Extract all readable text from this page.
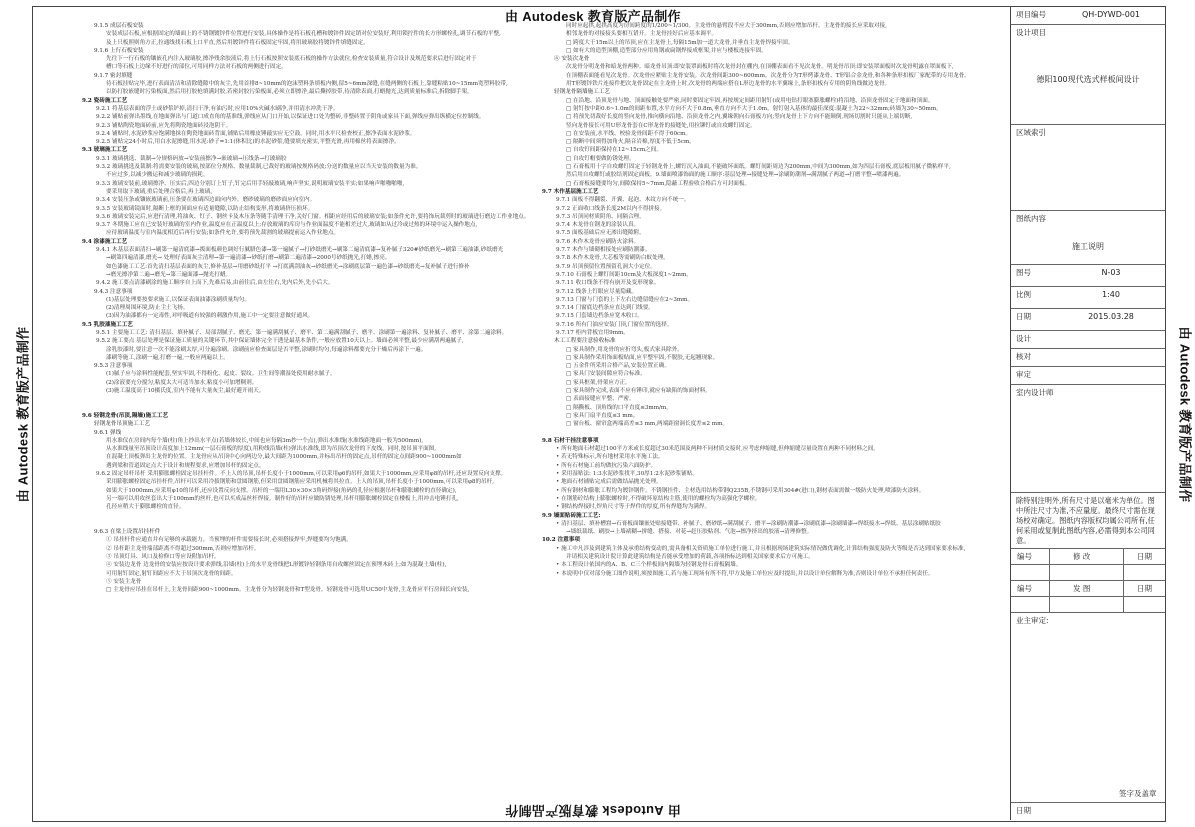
由 Autodesk 教育版产品制作
由 Autodesk 教育版产品制作
由 Autodesk 教育版产品制作	由 Autodesk 教育版产品制作
9.1.5 成层石板安装
安装成层石板,应根据固定的墙面上的不锈钢镀锌件位置进行安装,具体操作是将石板孔槽和镀锌件固定销对位安装好,利用锁拧件的长方形螺栓孔,调节石板的平整,
及上只板照则角方正,拉通线找石板上口平直,然后用镀锌件将石板固定牢固,将用玻璃胶将镀锌件填缝固定。
9.1.6 上行石板安装
先往下一行石板的镶嵌孔内注入玻璃胶,擦净残余胶液后,将上行石板按照安装底石板的操作方法就位,检查安装质量,符合设计及规范要求后进行固定对于
槽口等石板上边缘不好进行的部位,可用同样方法对石板的两侧进行固定。
9.1.7 密封填缝
待石板挂贴完毕,进行表面清洁和清除缝隙中的灰尘,先用首排8~10mm的泡沫塑料条填板内侧,留5~6mm深缝,在缝两侧的石板上,靠缝粘贴10~15mm宽塑料胶带,
以防打胶嵌缝时污染板面,然后用打胶枪填满封胶,若密封胶污染板面,必须立即擦净,最后撕掉胶带,待清除表面,打蜡抛光,达到质量标准后,拆除脚手架。
9.2 瓷砖施工工艺
9.2.1 将基层表面的浮土或砂浆铲掉,清扫干净,有油污时,应用10%火碱水刷净,并用清水冲洗干净。
9.2.2 铺贴前弹出墨线,在地面弹出与门道口成直角的基准线,弹线应从门口开始,以保证进口处为整砖,非整砖置于阴角或家具下面,弹线应弹出纵横定位控制线。
9.2.3 铺贴陶瓷地面砖前,应先将陶瓷地面砖浸泡阴干。
9.2.4 铺贴时,水泥砂浆应饱满地抹在陶瓷地面砖背面,铺贴后用橡皮锤敲实应无空鼓。同时,用水平尺检查校正,擦净表面水泥砂浆。
9.2.5 铺贴完24小时后,用白水泥擦缝,用水泥:砂子=1:1(体积比)的水泥砂浆,缝要填充密实,平整光滑,再用棉丝将表面擦净。
9.3 玻璃施工工艺
9.3.1 玻璃挑选、裁制→分规格码放→安装前擦净→嵌玻璃→压线条→打玻璃胶
9.3.2 玻璃挑选及裁制:将需要安装的玻璃,按部位分规格、数量裁制,已裁好的玻璃按规格码放;分送的数量应以当天安装的数量为准。
不应过多,以减少搬运和减少玻璃的损耗。
9.3.3 玻璃安装前,玻璃擦净、压实后,四边分别订上钉子,钉完后用手轻敲玻璃,响声坚实,说明玻璃安装平实;如果响声啪啪啪啪,
要采用取下玻璃,重后处理合格后,再上玻璃。
9.3.4 安装压条或镶嵌玻璃前,压条要在玻璃四边面向内外。磨砂玻璃的磨砂面应向室内。
9.3.5 安装玻璃镜面时,隔断上框的顶面应有适量缝隙,以防止结构变形,将玻璃挤压损坏。
9.3.6 玻璃安装完后,应进行清理,将油灰、钉子、钢丝卡及木压条等随手清理干净,关好门窗。相距应经用后的玻璃安装;如条件允许,要将饰玩裁剪时的玻璃进行磨边工作业地点。
9.3.7 冬期施工应在已安装好玻璃的室内作业,温度应在正温度以上;存放玻璃的库房与作业面温度不能相差过大,玻璃如从过冷或过热的环境中运入操作地点,
应待玻璃温度与室内温度相近后再行安装;如条件允许,要将预先裁割的玻璃提前运入作业地点。
9.4 涂漆施工工艺
9.4.1 木基层表面清扫→刷第一遍清底漆→拨面板颜色调好行腻腊色漆→第一遍腻子→打砂纸磨光→刷第二遍清底漆→复补腻子320#砂纸磨光→刷第三遍油漆,砂纸磨光
→刷第四遍清漆,磨光→ 处理好表面灰尘清理→第一遍清漆→砂纸打磨→刷第二遍清漆→2000号砂纸抛光,打蜡,擦亮。
如色漆施工工艺:首先清扫基层表面的灰尘,修补基层→用磨砂纸打平 →打底满刮油灰→砂纸磨光→涂刷底层第一遍色漆→砂纸磨光→复补腻子进行修补
→磨光擦净第二遍→磨光→第三遍面漆→抛光打蜡。
9.4.2 施工要点清漆刷涂的施工顺序自上而下,先难后易,由前往后,由左往右,先内后外,先小后大。
9.4.3 注意事项
(1)基层处理要按要求施工,以保证表面油漆涂刷质量均匀。
(2)清理周围环境,防止尘土飞扬。
(3)因为油漆都有一定毒性,对呼吸道有较强的刺激作用,施工中一定要注意做好通风。
9.5 乳胶漆施工工艺
9.5.1 主要施工工艺: 清扫基层、填补腻子、局部刮腻子、磨光、第一遍满刮腻子、磨平、第二遍满刮腻子、磨平、涂刷第一遍涂料、复补腻子、磨平、涂第二遍涂料。
9.5.2 施工要点 基层处理是保证施工质量的关键环节,其中保证墙体完全干透是最基本条件,一般应放置10天以上。墙面必须平整,最少应满刮两遍腻子,
涂乳胶漆时,要注意一次不能涂刷太厚,可分遍涂刷。涂刷前应检查面层是否平整,涂刷时均匀,每遍涂料都要充分干燥后再涂下一遍。
漆刷等施工,涂刷一遍,打磨一遍,一般应两遍以上。
9.5.3 注意事项
(1)腻子应与涂料性能配套,坚实牢固,不得粉化、起皮、裂纹。卫生间等潮湿处使用耐水腻子。
(2)涂液要充分搅匀,粘度太大可适当加水,粘度小可加增稠剂。
(3)施工温度高于10摄氏度,室内不能有大量灰尘,最好避开雨天。

9.6 轻钢龙骨(吊顶,隔墙)施工工艺
轻钢龙骨吊顶施工工艺
9.6.1 弹线
用水准仪在房间内每个墙(柱)角上抄出水平点(若墙体较长,中间也应每隔3m抄一个点),弹出水准线(水准线距地面一般为500mm),
从水准线量至吊顶设计高度加上12mm(一层石膏板的厚度),用粉线沿墙(柱)弹出水准线,即为吊顶次龙骨的下皮线。同时,按吊顶平面图,
在混凝土顶板弹出主龙骨的位置。主龙骨应从吊顶中心向两边分,最大间距为1000mm,并标出吊杆的固定点,吊杆的固定点间距900~1000mm如
遇到梁和管道固定点大于设计和规程要求,应增加吊杆的固定点。
9.6.2 固定吊杆吊杆 采用膨胀螺栓固定吊挂杆件。不上人的吊顶,吊杆长度小于1000mm,可以采用φ6的吊杆,如果大于1000mm,应采用φ8的吊杆,还应设置反向支撑。
采用膨胀螺栓固定吊挂杆件,吊杆可以采用冷拔钢筋和盘圆钢筋,但采用盘圆钢筋应采用机械将其拉直。上人的吊顶,吊杆长度小于1000mm,可以采用φ8的吊杆,
如果大于1000mm,应采用φ10的吊杆,还应设置反向支撑。吊杆的一端用L30×30×3角码焊接(角码的孔径应根据吊杆和膨胀螺栓的直径确定),
另一端可以用攻丝套出大于100mm的丝杆,也可以买成品丝杆焊接。制作好的吊杆应做防锈处理,吊杆用膨胀螺栓固定在楼板上,用冲击电锤打孔,
孔径应稍大于膨胀螺栓的直径。

9.6.3 在梁上设置吊挂杆件
① 吊挂杆件应通直并有足够的承载能力。当预埋的杆件需要接长时,必须搭接焊牢,焊缝要均匀饱满。
② 吊杆距主龙骨端部距离不得超过300mm,否则应增加吊杆。
③ 吊顶灯具、风口及检修口等应设附加吊杆。
④ 安装边龙骨 边龙骨的安装应按设计要求弹线,沿墙(柱)上的水平龙骨线把L形镀锌轻钢条用自攻螺丝固定在预埋木砖上;如为混凝土墙(柱),
可用射钉固定,射钉间距应不大于吊顶次龙骨的间距。
⑤ 安装主龙骨
□ 主龙骨应吊挂在吊杆上,主龙骨间距900~1000mm。主龙骨分为轻钢龙骨和T型龙骨。轻钢龙骨可选用UC50中龙骨,主龙骨应平行房间长向安装,
同时应起拱,起拱高度为房间跨度的1/200~1/300。主龙骨的悬臂段不应大于300mm,否则应增加吊杆。主龙骨的接长应采取对接,
相邻龙骨的对接接头要相互错开。主龙骨挂好后应基本调平。
□ 跨度大于15m以上的吊顶,应在主龙骨上,每隔15m加一道大龙骨,并垂直主龙骨焊接牢固。
□ 如有大的造型顶棚,造型部分应用角钢或扁钢焊接成框架,并应与楼板连接牢固。
⑥ 安装次龙骨
次龙骨分明龙骨和暗龙骨两种。暗龙骨吊顶:即安装罩面板时将次龙骨封在棚内,在顶棚表面看不见次龙骨。明龙骨吊顶:即安装罩面板时次龙骨明露在罩面板下,
在顶棚表面能看见次龙骨。次龙骨应紧贴主龙骨安装。次龙骨间距300~600mm。次龙骨分为T形烤漆龙骨、T形铝合金龙骨,和各种条形扣板厂家配带的专用龙骨。
用T形镀锌铁片连接件把次龙骨固定在主龙骨上时,次龙骨的两端应搭在L形边龙骨的水平翼缘上,条形扣板有专用的阴角线做边龙骨。
轻钢龙骨隔墙施工工艺
□ 在沿地、沿顶龙骨与地、顶面接触处要严密,同时要固定牢固,再按规定间距用射钉(或用电钻打眼塞膨胀螺栓)将沿地、沿顶龙骨固定于地面和顶面。
□ 射钉按中距0.6~1.0m的间距布置,水平方向不大于0.8m,垂直方向不大于1.0m。射钉射入基体的最佳深度:混凝土为22~32mm;砖墙为30~50mm。
□ 将预先切裁好长度的竖向龙骨,推向横向沿地、沿顶龙骨之内,翼缘朝向石膏板方向;竖向龙骨上下方向不能颠倒,现场切割时只能从上端切断,
竖向龙骨接长可用U形龙骨套在C形龙骨的接缝处,用拉铆钉或自攻螺钉固定。
□ 在安装前,水平线、校验龙骨间距不得于60cm。
□ 隔断中间须得加角火,隔音岩棉,厚度不低于5cm。
□ 自攻钉间距保持在12~15cm之间。
□ 自攻钉帽要做防锈处理。
□ 石膏板用十字自攻螺钉固定于轻钢龙骨上,螺钉沉入油面,不能破坏面纸。螺钉间距周边为200mm,中间为300mm,如为四层石膏板,底层板用腻子微粘样平,
然后用自攻螺钉或胶结剂固定面板。9.墙面喷漆饰面的施工顺序:基层处理→接缝处理→涂刷防潮剂→满刮腻子两道→打磨平整→喷漆两遍。
□ 石膏板接缝要均匀,间隙保持5~7mm,隐蔽工程验收合格后方可封面板。
9.7 木作基层施工工艺
9.7.1 面板不得翻裂、开翼、起泡、木纹方向不统一。
9.7.2 正面收口线条长度2M以内不得拼接。
9.7.3 吊顶同材质阴角、同隔合理。
9.7.4 木龙骨在钢龙的涂装认真。
9.7.5 面板基础后应无渗出缝隙附。
9.7.6 木作木龙骨应刷防火涂料。
9.7.7 木作与墙砌相接处应刷防潮漆。
9.7.8 木作木龙骨,大芯板等需刷防白蚁处理。
9.7.9 吊顶预留位置预留孔洞大小定位。
9.7.10 石膏板上螺钉间距10cm及大板深度1~2mm。
9.7.11 收口线条不得有崩开及变形现象。
9.7.12 线条上钉眼应尽量隐藏。
9.7.13 门窗与门套的上下左右边缝留缝应在2~3mm。
9.7.14 门窗底边档条应直达到门线要。
9.7.15 门套墙边档条应宽木收口。
9.7.16 所有门油应安装门顶,门窗位置的选择。
9.7.17 柜内背板宜用9mm。
木工工程要注意验收标准
□ 家具制作,用龙骨的应折弯头,板式家具除外。
□ 家具制作采用饰面板贴面,应平整牢固,不脱胶,无起翘现象。
□ 五金件所采用合格产品,安装位置正确。
□ 家具门安装间隙应符合标准。
□ 家具框架,骨架应方正。
□ 家具制作完成,表面不应有锤印,就应有缺陷的饰面材料。
□ 表面接缝应平整、严密。
□ 隔撕板、顶角线的口平直度≤3mm/m。
□ 家具门扇平直度≤3 mm。
□ 窗台板、窗帘盒两端高差≤3 mm,两端距窗洞长度差≤2 mm。

9.8 石材干挂注意事项
• 所有地面石材超过100平方米或长度超过30米范围及两种不同材质交接时,应考虑伸缩缝,但伸缩缝尽量设置在两种不同材料之间。
• 若无特殊标示,所有地材采用水平施工法。
• 所有石材施工前均做抗污染六面防护。
• 采用湿贴法: 1:3水泥砂浆找平,30厚1:2水泥砂浆铺贴。
• 地面石材铺贴完成后需做结晶抛光处理。
• 所有钢材和膨胀工程均为镀锌钢件。不锈钢挂件、主材选用结构带钢Q235B,不锈钢可采用304#(进口),钢材表面需做一级防火处理,喷漆防火涂料。
• 在钢筋砼结构上膨胀螺栓时,不得破坏原结构主筋,使用的螺栓均为高强化学螺栓。
• 钢结构焊接时,焊角尺寸等于焊件的厚度,所有焊缝均为满焊。
9.9 墙面贴砖施工工艺:
• 清扫基层、填补槽窟→石膏板面镶嵌处贴接缝带、补腻子、磨砂纸→满刮腻子、磨平→涂刷防潮漆→涂刷底漆→涂刷墙漆→焊纸接水→焊纸、基层涂刷贴纸胶
→墙纸裁纸、刷胶→上墙裱糊→拼缝、搭接、对花→赶压胶粘剂、气泡→擦净挤出的胶液→清理修整。
10.2 注意事项
• 施工中凡涉及到建筑主体及承重结构变动的,需具备相关资质施工单位进行施工,并且根据现场建筑实际情况做优调化,计算结构强度及防火等级是否达到国家要求标准,
并请相关建筑设计院计算此建筑结构是否能承受增加的荷载,各项指标达到相关国家要求后方可施工。
• 本工程设计依国内的A、B、C三个样板间内隔墙为轻钢龙骨石膏板隔墙。
• 本说明中仅对部分施工图作说明,须按图施工,若与施工现场有所不符,甲方及施工单位应及时提出,并以设计单位解释为准,否则设计单位不承担任何责任。
项目编号	QH-DYWD-001
设计项目
德阳100现代选式样板间设计
区域索引
图纸内容
施工说明
图号	N-03
比例	1:40
日期	2015.03.28
设计
核对
审定
室内设计师
除特别注明外,所有尺寸是以毫米为单位。图中所注尺寸为准,不应量度。最终尺寸需在现场校对确定。图纸内容版权均属公司所有,任何采用或复制此图纸内容,必需得到本公司同意。
编号	修 改	日期
编号	发 图	日期
业主审定:
签字及盖章
日期
